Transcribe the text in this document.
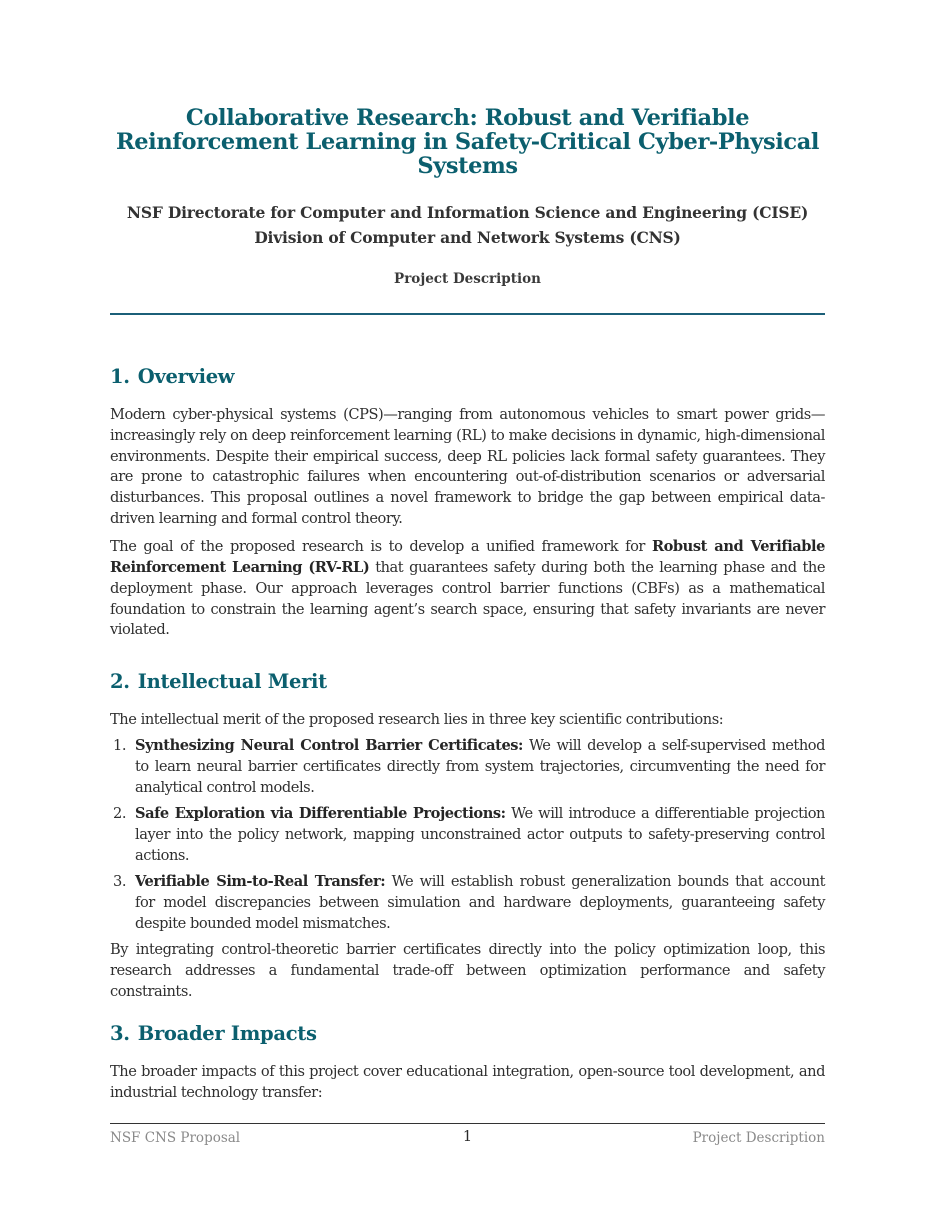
Collaborative Research: Robust and Verifiable Reinforcement Learning in Safety-Critical Cyber-Physical Systems
NSF Directorate for Computer and Information Science and Engineering (CISE)
Division of Computer and Network Systems (CNS)
Project Description
1. Overview

Modern cyber-physical systems (CPS)—ranging from autonomous vehicles to smart power grids—increasingly rely on deep reinforcement learning (RL) to make decisions in dynamic, high-dimensional environments. Despite their empirical success, deep RL policies lack formal safety guarantees. They are prone to catastrophic failures when encountering out-of-distribution scenarios or adversarial disturbances. This proposal outlines a novel framework to bridge the gap between empirical data-driven learning and formal control theory.

The goal of the proposed research is to develop a unified framework for Robust and Verifiable Reinforcement Learning (RV-RL) that guarantees safety during both the learning phase and the deployment phase. Our approach leverages control barrier functions (CBFs) as a mathematical foundation to constrain the learning agent’s search space, ensuring that safety invariants are never violated.

2. Intellectual Merit

The intellectual merit of the proposed research lies in three key scientific contributions:

1. Synthesizing Neural Control Barrier Certificates: We will develop a self-supervised method to learn neural barrier certificates directly from system trajectories, circumventing the need for analytical control models.
2. Safe Exploration via Differentiable Projections: We will introduce a differentiable projection layer into the policy network, mapping unconstrained actor outputs to safety-preserving control actions.
3. Verifiable Sim-to-Real Transfer: We will establish robust generalization bounds that account for model discrepancies between simulation and hardware deployments, guaranteeing safety despite bounded model mismatches.

By integrating control-theoretic barrier certificates directly into the policy optimization loop, this research addresses a fundamental trade-off between optimization performance and safety constraints.

3. Broader Impacts

The broader impacts of this project cover educational integration, open-source tool development, and industrial technology transfer:

NSF CNS Proposal	1	Project Description
